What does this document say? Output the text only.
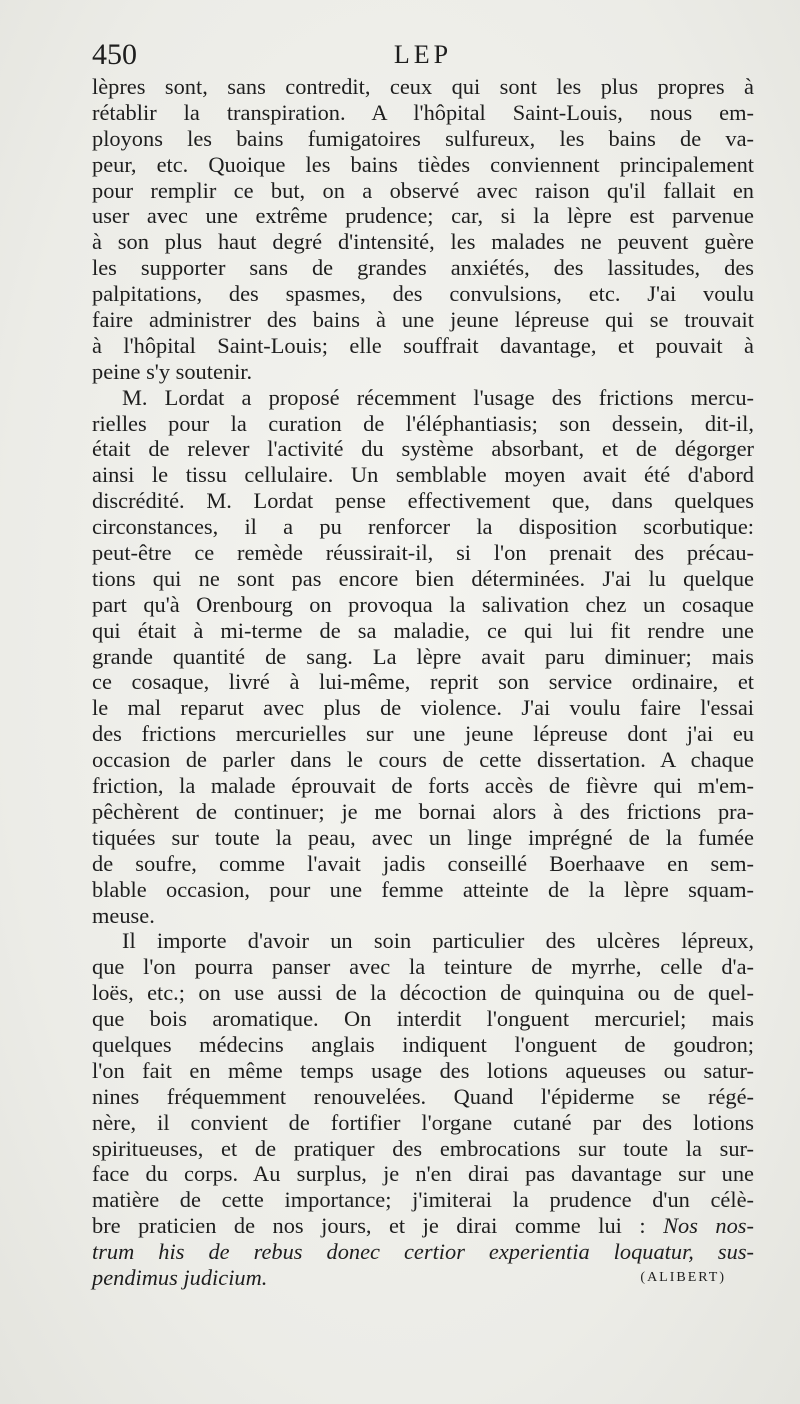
450	LEP
lèpres sont, sans contredit, ceux qui sont les plus propres à
rétablir la transpiration. A l'hôpital Saint-Louis, nous em-
ployons les bains fumigatoires sulfureux, les bains de va-
peur, etc. Quoique les bains tièdes conviennent principalement
pour remplir ce but, on a observé avec raison qu'il fallait en
user avec une extrême prudence; car, si la lèpre est parvenue
à son plus haut degré d'intensité, les malades ne peuvent guère
les supporter sans de grandes anxiétés, des lassitudes, des
palpitations, des spasmes, des convulsions, etc. J'ai voulu
faire administrer des bains à une jeune lépreuse qui se trouvait
à l'hôpital Saint-Louis; elle souffrait davantage, et pouvait à
peine s'y soutenir.
M. Lordat a proposé récemment l'usage des frictions mercu-
rielles pour la curation de l'éléphantiasis; son dessein, dit-il,
était de relever l'activité du système absorbant, et de dégorger
ainsi le tissu cellulaire. Un semblable moyen avait été d'abord
discrédité. M. Lordat pense effectivement que, dans quelques
circonstances, il a pu renforcer la disposition scorbutique:
peut-être ce remède réussirait-il, si l'on prenait des précau-
tions qui ne sont pas encore bien déterminées. J'ai lu quelque
part qu'à Orenbourg on provoqua la salivation chez un cosaque
qui était à mi-terme de sa maladie, ce qui lui fit rendre une
grande quantité de sang. La lèpre avait paru diminuer; mais
ce cosaque, livré à lui-même, reprit son service ordinaire, et
le mal reparut avec plus de violence. J'ai voulu faire l'essai
des frictions mercurielles sur une jeune lépreuse dont j'ai eu
occasion de parler dans le cours de cette dissertation. A chaque
friction, la malade éprouvait de forts accès de fièvre qui m'em-
pêchèrent de continuer; je me bornai alors à des frictions pra-
tiquées sur toute la peau, avec un linge imprégné de la fumée
de soufre, comme l'avait jadis conseillé Boerhaave en sem-
blable occasion, pour une femme atteinte de la lèpre squam-
meuse.
Il importe d'avoir un soin particulier des ulcères lépreux,
que l'on pourra panser avec la teinture de myrrhe, celle d'a-
loës, etc.; on use aussi de la décoction de quinquina ou de quel-
que bois aromatique. On interdit l'onguent mercuriel; mais
quelques médecins anglais indiquent l'onguent de goudron;
l'on fait en même temps usage des lotions aqueuses ou satur-
nines fréquemment renouvelées. Quand l'épiderme se régé-
nère, il convient de fortifier l'organe cutané par des lotions
spiritueuses, et de pratiquer des embrocations sur toute la sur-
face du corps. Au surplus, je n'en dirai pas davantage sur une
matière de cette importance; j'imiterai la prudence d'un célè-
bre praticien de nos jours, et je dirai comme lui : Nos nos-
trum his de rebus donec certior experientia loquatur, sus-
pendimus judicium.	(ALIBERT)
